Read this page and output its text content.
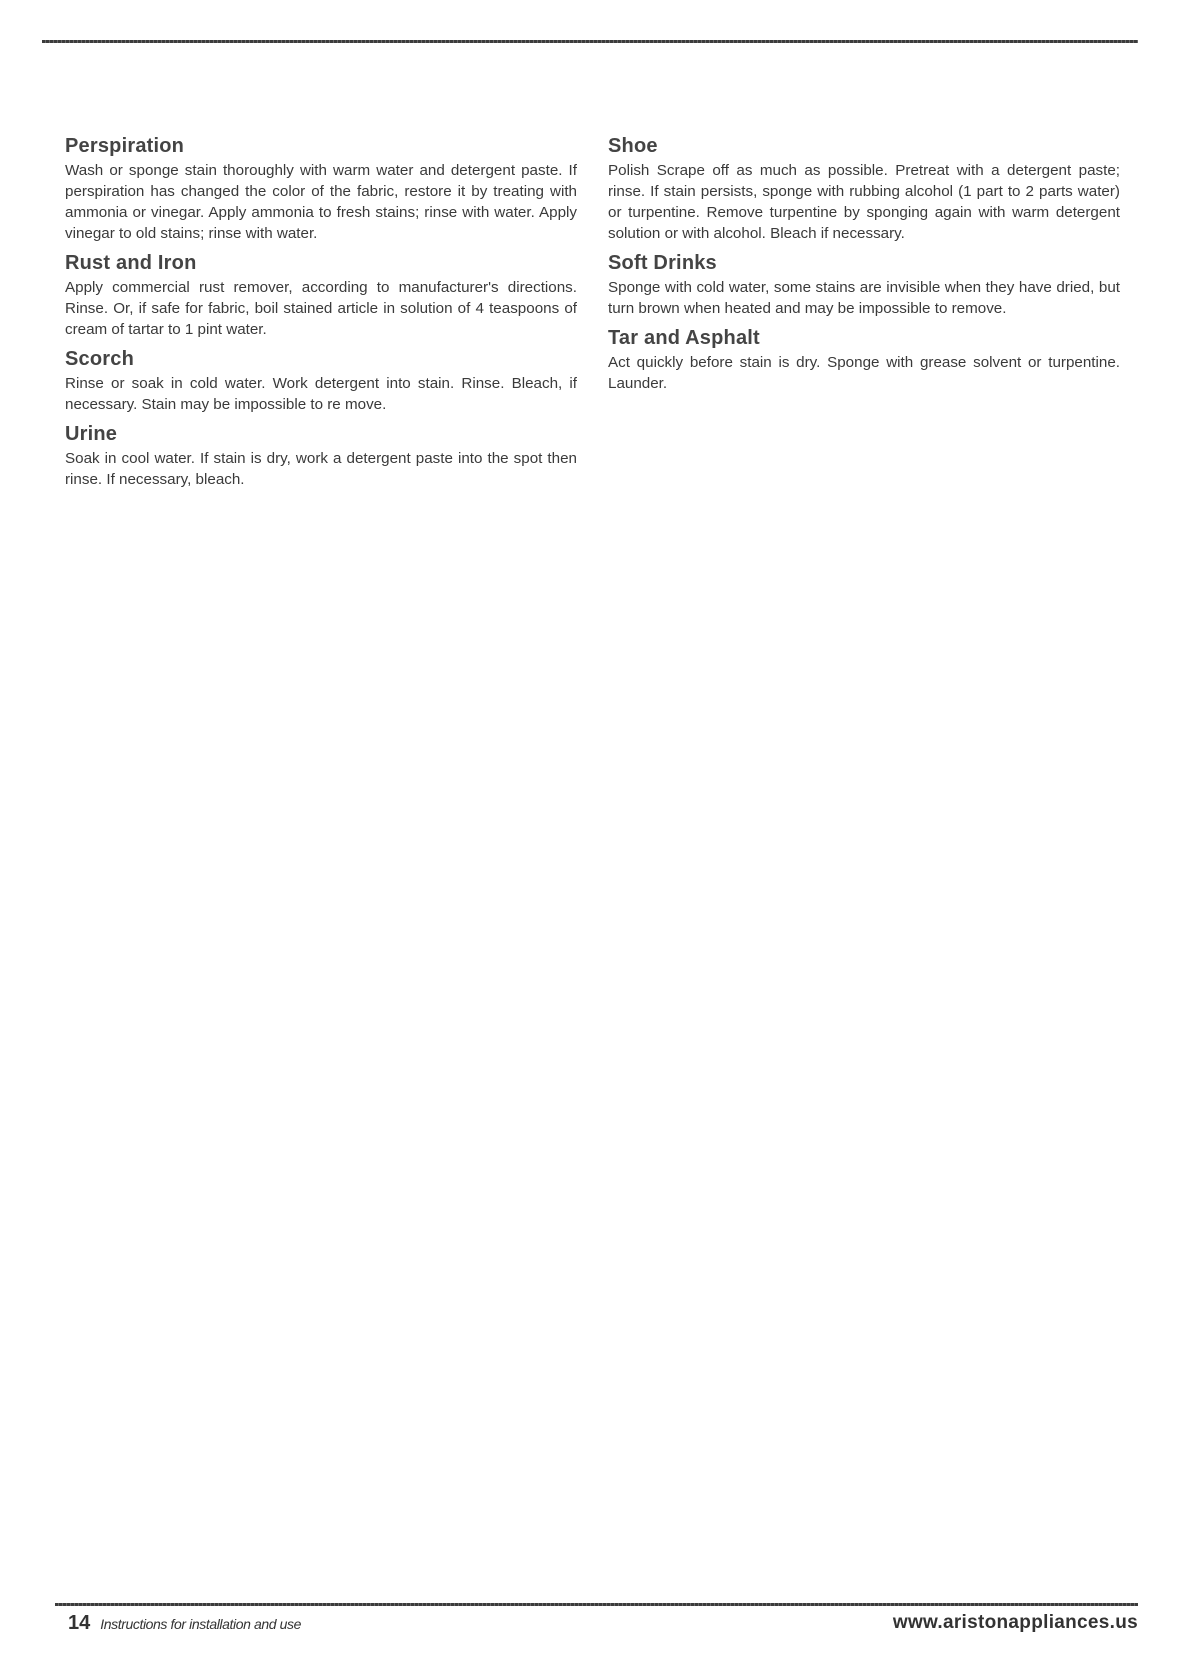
Perspiration

Wash or sponge stain thoroughly with warm water and detergent paste. If perspiration has changed the color of the fabric, restore it by treating with ammonia or vinegar. Apply ammonia to fresh stains; rinse with water. Apply vinegar to old stains; rinse with water.

Rust and Iron

Apply commercial rust remover, according to manufacturer's directions. Rinse. Or, if safe for fabric, boil stained article in solution of 4 teaspoons of cream of tartar to 1 pint water.

Scorch

Rinse or soak in cold water. Work detergent into stain. Rinse. Bleach, if necessary. Stain may be impossible to re move.

Urine

Soak in cool water. If stain is dry, work a detergent paste into the spot then rinse. If necessary, bleach.

Shoe

Polish Scrape off as much as possible. Pretreat with a detergent paste; rinse. If stain persists, sponge with rubbing alcohol (1 part to 2 parts water) or turpentine. Remove turpentine by sponging again with warm detergent solution or with alcohol. Bleach if necessary.

Soft Drinks

Sponge with cold water, some stains are invisible when they have dried, but turn brown when heated and may be impossible to remove.

Tar and Asphalt

Act quickly before stain is dry. Sponge with grease solvent or turpentine. Launder.

14 Instructions for installation and use	www.aristonappliances.us
